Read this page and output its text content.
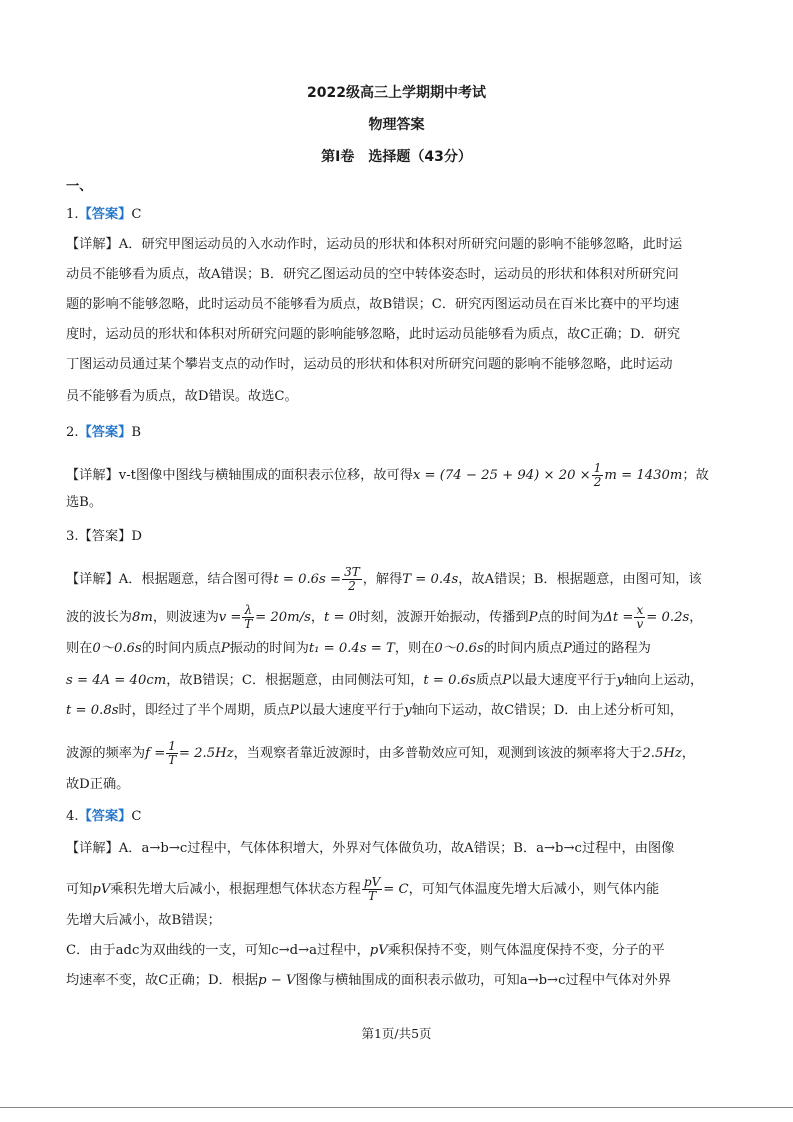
2022级高三上学期期中考试
物理答案
第Ⅰ卷　选择题（43分）
一、
1.【答案】C
【详解】A．研究甲图运动员的入水动作时，运动员的形状和体积对所研究问题的影响不能够忽略，此时运
动员不能够看为质点，故A错误；B．研究乙图运动员的空中转体姿态时，运动员的形状和体积对所研究问
题的影响不能够忽略，此时运动员不能够看为质点，故B错误；C．研究丙图运动员在百米比赛中的平均速
度时，运动员的形状和体积对所研究问题的影响能够忽略，此时运动员能够看为质点，故C正确；D．研究
丁图运动员通过某个攀岩支点的动作时，运动员的形状和体积对所研究问题的影响不能够忽略，此时运动
员不能够看为质点，故D错误。故选C。
2.【答案】B
【详解】v-t图像中图线与横轴围成的面积表示位移，故可得$x = (74 - 25 + 94) \times 20 \times \frac{1}{2}$ m = 1430m；故
选B。
3.【答案】D
【详解】A．根据题意，结合图可得$t = 0.6s = \frac{3T}{2}$ ，解得T = 0.4s，故A错误；B．根据题意，由图可知，该
波的波长为8m，则波速为$v = \frac{\lambda}{T} = 20m/s$，t = 0时刻，波源开始振动，传播到P点的时间为$\Delta t = \frac{x}{v} = 0.2s$，
则在0～0.6s的时间内质点P振动的时间为t₁ = 0.4s = T，则在0～0.6s的时间内质点P通过的路程为
s = 4A = 40cm，故B错误；C．根据题意，由同侧法可知，t = 0.6s质点P以最大速度平行于y轴向上运动，
t = 0.8s时，即经过了半个周期，质点P以最大速度平行于y轴向下运动，故C错误；D．由上述分析可知，
波源的频率为$f = \frac{1}{T} = 2.5Hz$，当观察者靠近波源时，由多普勒效应可知，观测到该波的频率将大于2.5Hz，
故D正确。
4.【答案】C
【详解】A．a→b→c过程中，气体体积增大，外界对气体做负功，故A错误；B．a→b→c过程中，由图像
可知pV乘积先增大后减小，根据理想气体状态方程 $\frac{pV}{T} = C$，可知气体温度先增大后减小，则气体内能
先增大后减小，故B错误；
C．由于adc为双曲线的一支，可知c→d→a过程中，pV乘积保持不变，则气体温度保持不变，分子的平
均速率不变，故C正确；D．根据p − V图像与横轴围成的面积表示做功，可知a→b→c过程中气体对外界
第1页/共5页
